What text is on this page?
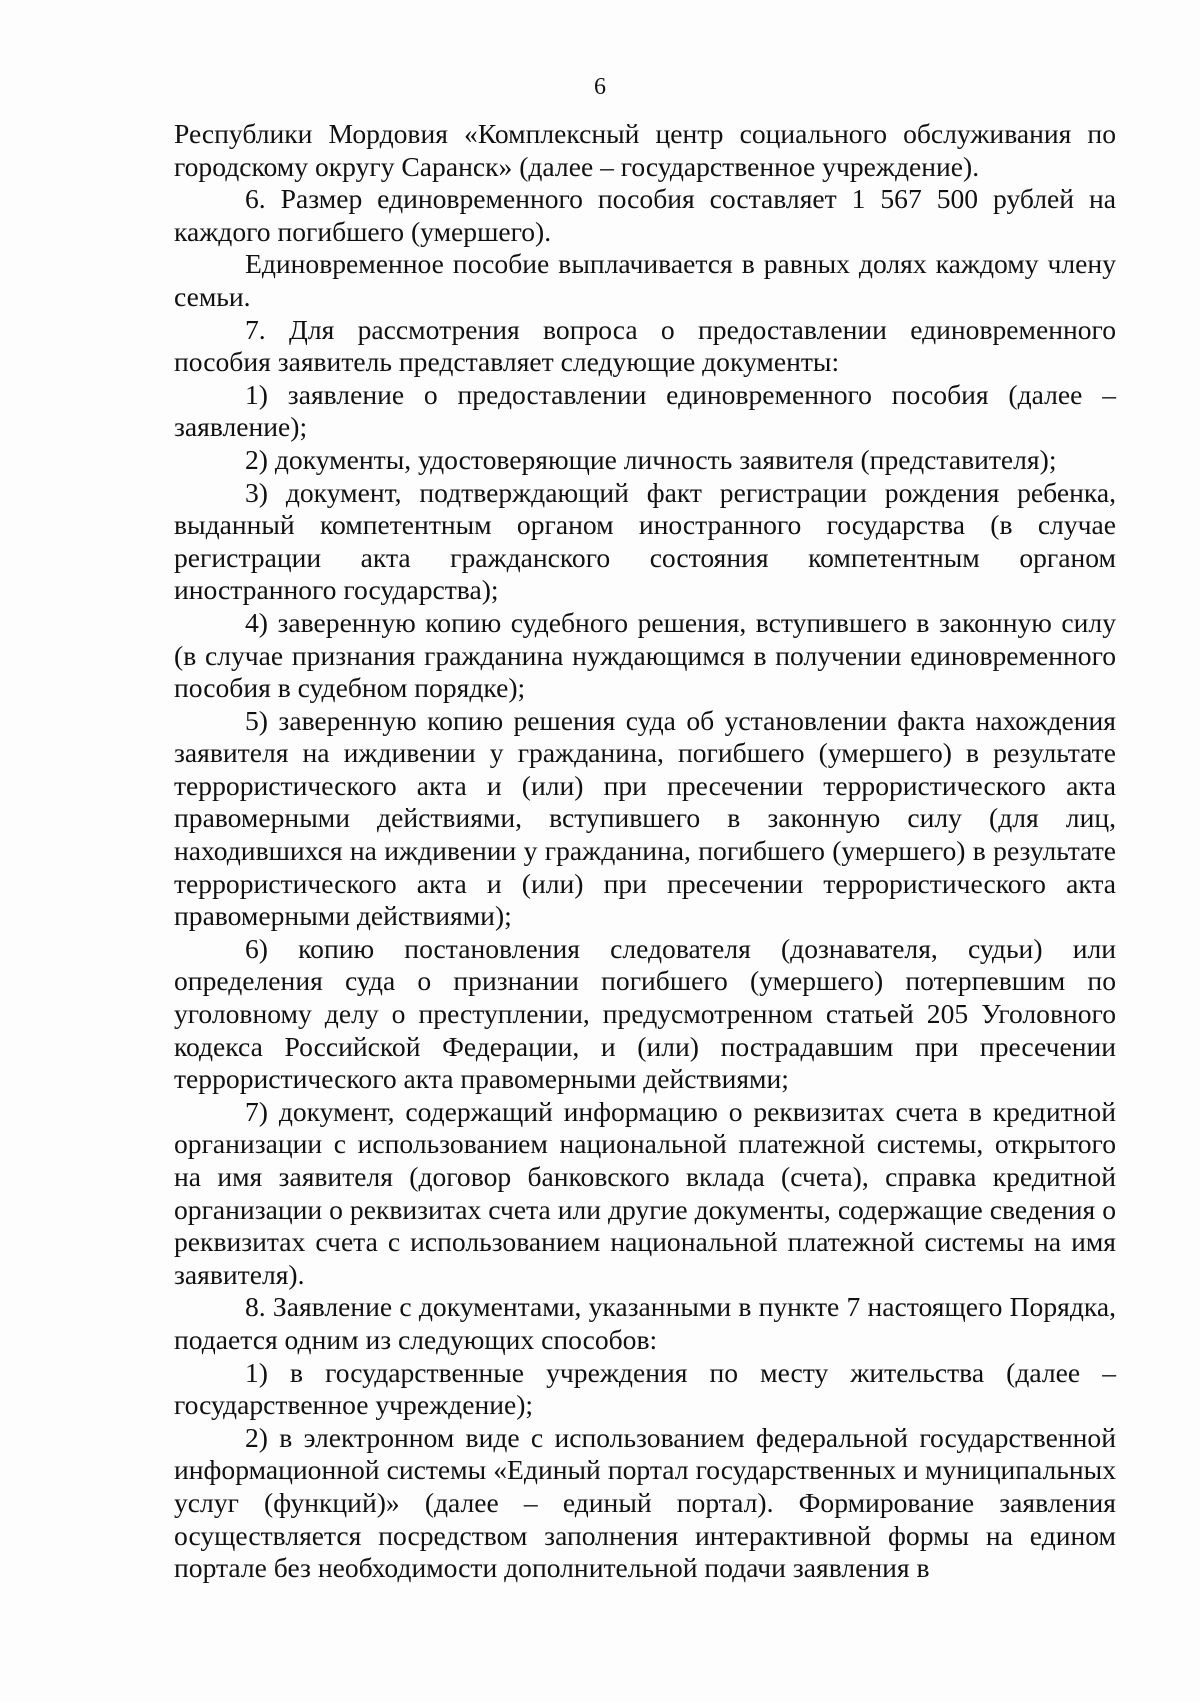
6

Республики Мордовия «Комплексный центр социального обслуживания по городскому округу Саранск» (далее – государственное учреждение).

6. Размер единовременного пособия составляет 1 567 500 рублей на каждого погибшего (умершего).

Единовременное пособие выплачивается в равных долях каждому члену семьи.

7. Для рассмотрения вопроса о предоставлении единовременного пособия заявитель представляет следующие документы:

1) заявление о предоставлении единовременного пособия (далее – заявление);

2) документы, удостоверяющие личность заявителя (представителя);

3) документ, подтверждающий факт регистрации рождения ребенка, выданный компетентным органом иностранного государства (в случае регистрации акта гражданского состояния компетентным органом иностранного государства);

4) заверенную копию судебного решения, вступившего в законную силу (в случае признания гражданина нуждающимся в получении единовременного пособия в судебном порядке);

5) заверенную копию решения суда об установлении факта нахождения заявителя на иждивении у гражданина, погибшего (умершего) в результате террористического акта и (или) при пресечении террористического акта правомерными действиями, вступившего в законную силу (для лиц, находившихся на иждивении у гражданина, погибшего (умершего) в результате террористического акта и (или) при пресечении террористического акта правомерными действиями);

6) копию постановления следователя (дознавателя, судьи) или определения суда о признании погибшего (умершего) потерпевшим по уголовному делу о преступлении, предусмотренном статьей 205 Уголовного кодекса Российской Федерации, и (или) пострадавшим при пресечении террористического акта правомерными действиями;

7) документ, содержащий информацию о реквизитах счета в кредитной организации с использованием национальной платежной системы, открытого на имя заявителя (договор банковского вклада (счета), справка кредитной организации о реквизитах счета или другие документы, содержащие сведения о реквизитах счета с использованием национальной платежной системы на имя заявителя).

8. Заявление с документами, указанными в пункте 7 настоящего Порядка, подается одним из следующих способов:

1) в государственные учреждения по месту жительства (далее – государственное учреждение);

2) в электронном виде с использованием федеральной государственной информационной системы «Единый портал государственных и муниципальных услуг (функций)» (далее – единый портал). Формирование заявления осуществляется посредством заполнения интерактивной формы на едином портале без необходимости дополнительной подачи заявления в
